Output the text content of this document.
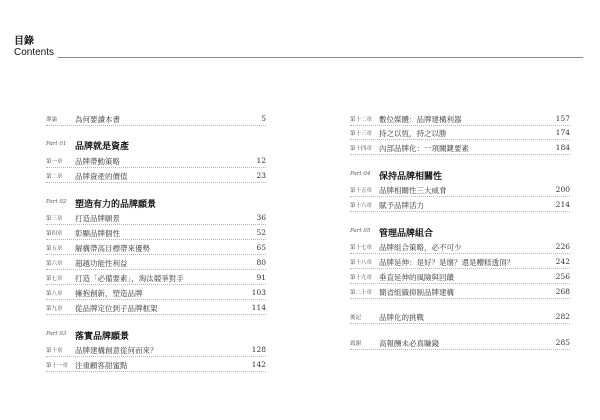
目錄
Contents
導論 為何要讀本書	5
Part 01 品牌就是資產
第一章 品牌帶動策略	12
第二章 品牌資產的價值	23
Part 02 塑造有力的品牌願景
第三章 打造品牌願景	36
第四章 彰顯品牌個性	52
第五章 解構帶高目標帶來優勢	65
第六章 超越功能性利益	80
第七章 打造「必備要素」，淘汰競爭對手	91
第八章 擁抱創新，塑造品牌	103
第九章 從品牌定位到子品牌框架	114
Part 03 落實品牌願景
第十章 品牌建構創意從何而來？	128
第十一章 注重顧客甜蜜點	142
第十二章 數位媒體：品牌建構利器	157
第十三章 持之以恆，持之以勝	174
第十四章 內部品牌化：一項關鍵要素	184
Part 04 保持品牌相關性
第十五章 品牌相關性三大威脅	200
第十六章 賦予品牌活力	214
Part 05 管理品牌組合
第十七章 品牌組合策略，必不可少	226
第十八章 品牌延伸：是好？是壞？還是糟糕透頂？	242
第十九章 垂直延伸的風險與回饋	256
第二十章 簡省組織抑制品牌建構	268
後記 品牌化的挑戰	282
致謝 高報酬未必真賺錢	285
